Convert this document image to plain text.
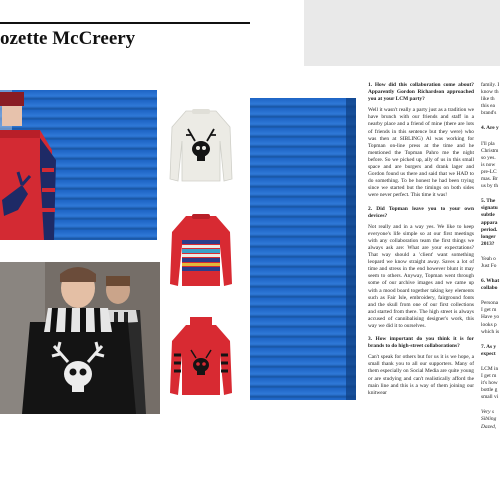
ozette McCreery

1. How did this collaboration come about? Apparently Gordon Richardson approached you at your LCM party?

Well it wasn't really a party just as a tradition we have brunch with our friends and staff in a nearby place and a friend of mine (there are lots of friends in this sentence but they were) who was then at SIBLING) Al was working for Topman on-line press at the time and he mentioned the Topman Pahro me the night before. So we picked up, ally of us in this small space and are burgers and drank lager and Gordon found us there and said that we HAD to do something. To be honest he had been trying since we started but the timings on both sides were never perfect. This time it was!

2. Did Topman leave you to your own devices?

Not really and in a way yes. We like to keep everyone's life simple so at our first meetings with any collaboration team the first things we always ask are: What are your expectations? That way should a 'client' want something leopard we know straight away. Saves a lot of time and stress in the end however blunt it may seem to others. Anyway, Topman went through some of our archive images and we came up with a mood board together taking key elements such as Fair Isle, embroidery, fairground fonts and the skull from one of our first collections and started from there. The high street is always accused of cannibalising designer's work, this way we did it to ourselves.

3. How important do you think it is for brands to do high-street collaborations?

Can't speak for others but for us it is we hope, a small thank you to all our supporters. Many of them especially on Social Media are quite young or are studying and can't realistically afford the main line and this is a way of them joining our knitwear

family. I
know th
like th
this ea
brand's
4. Are y
I'll pla
Christm
so yes.
is now
pre-LC
mas. Br
us by th
5. The
signatu
subtle
appara
period.
longer
2013?
Yeah o
Just Fo
6. What
collabo
Persona
I get m
Have yo
looks p
which is
7. As y
expect
LCM in
I get m
it's how
bottle g
small vi
Very s
Sibling
Dazed,
